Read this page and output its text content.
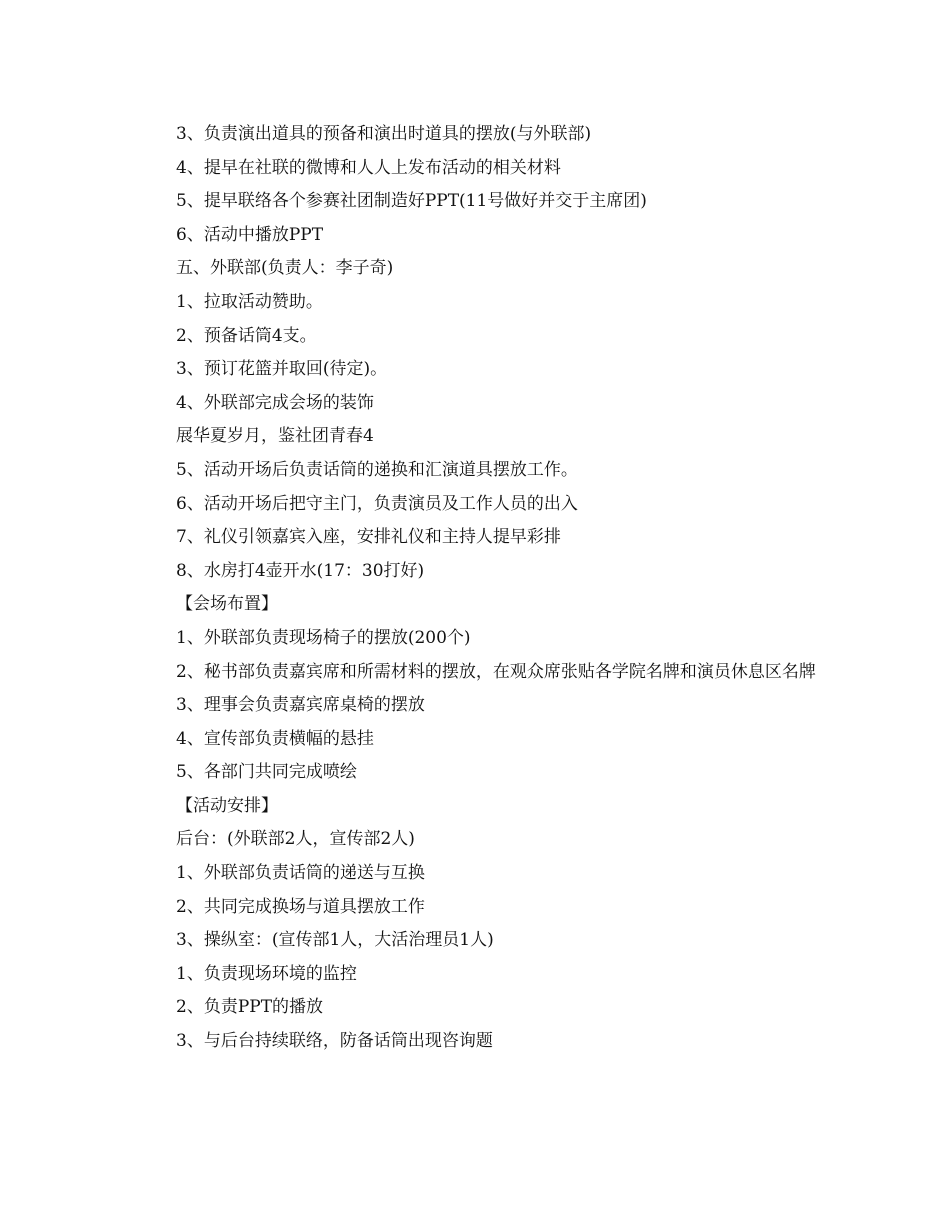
3、负责演出道具的预备和演出时道具的摆放(与外联部)
4、提早在社联的微博和人人上发布活动的相关材料
5、提早联络各个参赛社团制造好PPT(11号做好并交于主席团)
6、活动中播放PPT
五、外联部(负责人：李子奇)
1、拉取活动赞助。
2、预备话筒4支。
3、预订花篮并取回(待定)。
4、外联部完成会场的装饰
展华夏岁月，鉴社团青春4
5、活动开场后负责话筒的递换和汇演道具摆放工作。
6、活动开场后把守主门，负责演员及工作人员的出入
7、礼仪引领嘉宾入座，安排礼仪和主持人提早彩排
8、水房打4壶开水(17：30打好)
【会场布置】
1、外联部负责现场椅子的摆放(200个)
2、秘书部负责嘉宾席和所需材料的摆放，在观众席张贴各学院名牌和演员休息区名牌
3、理事会负责嘉宾席桌椅的摆放
4、宣传部负责横幅的悬挂
5、各部门共同完成喷绘
【活动安排】
后台：(外联部2人，宣传部2人)
1、外联部负责话筒的递送与互换
2、共同完成换场与道具摆放工作
3、操纵室：(宣传部1人，大活治理员1人)
1、负责现场环境的监控
2、负责PPT的播放
3、与后台持续联络，防备话筒出现咨询题
